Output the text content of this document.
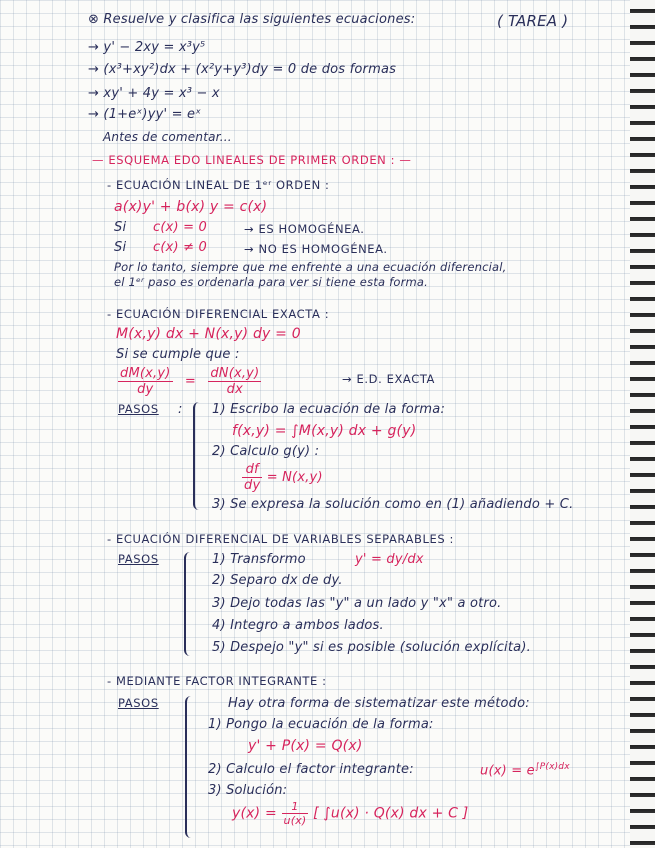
⊗ Resuelve y clasifica las siguientes ecuaciones:	( TAREA )
→ y' − 2xy = x³y⁵
→ (x³+xy²)dx + (x²y+y³)dy = 0 de dos formas
→ xy' + 4y = x³ − x
→ (1+eˣ)yy' = eˣ
Antes de comentar...
— ESQUEMA EDO LINEALES DE PRIMER ORDEN : —
- ECUACIÓN LINEAL DE 1ᵉʳ ORDEN :
a(x)y' + b(x) y = c(x)
Si c(x) = 0	→ ES HOMOGÉNEA.
Si c(x) ≠ 0	→ NO ES HOMOGÉNEA.
Por lo tanto, siempre que me enfrente a una ecuación diferencial,
el 1ᵉʳ paso es ordenarla para ver si tiene esta forma.
- ECUACIÓN DIFERENCIAL EXACTA :
M(x,y) dx + N(x,y) dy = 0
Si se cumple que :
$\frac{dM(x,y)}{dy} = \frac{dN(x,y)}{dx}$	→ E.D. EXACTA
PASOS : 1) Escribo la ecuación de la forma:
f(x,y) = ∫M(x,y) dx + g(y)
2) Calculo g(y) :
$\frac{df}{dy} = N(x,y)$
3) Se expresa la solución como en (1) añadiendo + C.
- ECUACIÓN DIFERENCIAL DE VARIABLES SEPARABLES :
PASOS	1) Transformo	y' = dy/dx
2) Separo dx de dy.
3) Dejo todas las "y" a un lado y "x" a otro.
4) Integro a ambos lados.
5) Despejo "y" si es posible (solución explícita).
- MEDIANTE FACTOR INTEGRANTE :
PASOS	Hay otra forma de sistematizar este método:
1) Pongo la ecuación de la forma:
y' + P(x) = Q(x)
2) Calculo el factor integrante:	$u(x) = e^{\int P(x)dx}$
3) Solución:
$y(x) = \frac{1}{u(x)}$ [ ∫u(x) · Q(x) dx + C ]
